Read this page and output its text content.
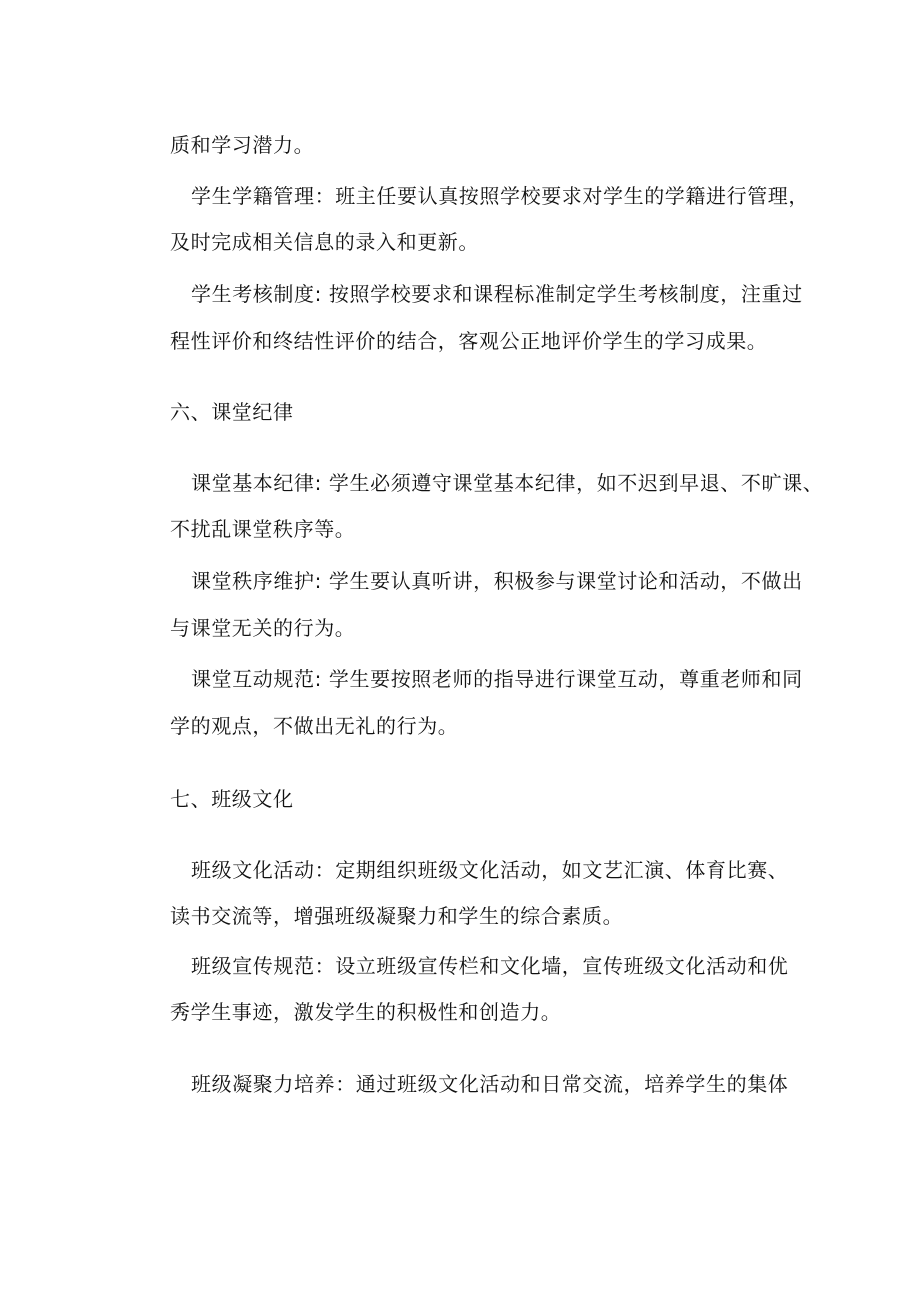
质和学习潜力。
学生学籍管理：班主任要认真按照学校要求对学生的学籍进行管理，
及时完成相关信息的录入和更新。
学生考核制度: 按照学校要求和课程标准制定学生考核制度，注重过
程性评价和终结性评价的结合，客观公正地评价学生的学习成果。
六、课堂纪律
课堂基本纪律: 学生必须遵守课堂基本纪律，如不迟到早退、不旷课、
不扰乱课堂秩序等。
课堂秩序维护: 学生要认真听讲，积极参与课堂讨论和活动，不做出
与课堂无关的行为。
课堂互动规范: 学生要按照老师的指导进行课堂互动，尊重老师和同
学的观点，不做出无礼的行为。
七、班级文化
班级文化活动：定期组织班级文化活动，如文艺汇演、体育比赛、
读书交流等，增强班级凝聚力和学生的综合素质。
班级宣传规范：设立班级宣传栏和文化墙，宣传班级文化活动和优
秀学生事迹，激发学生的积极性和创造力。
班级凝聚力培养：通过班级文化活动和日常交流，培养学生的集体
